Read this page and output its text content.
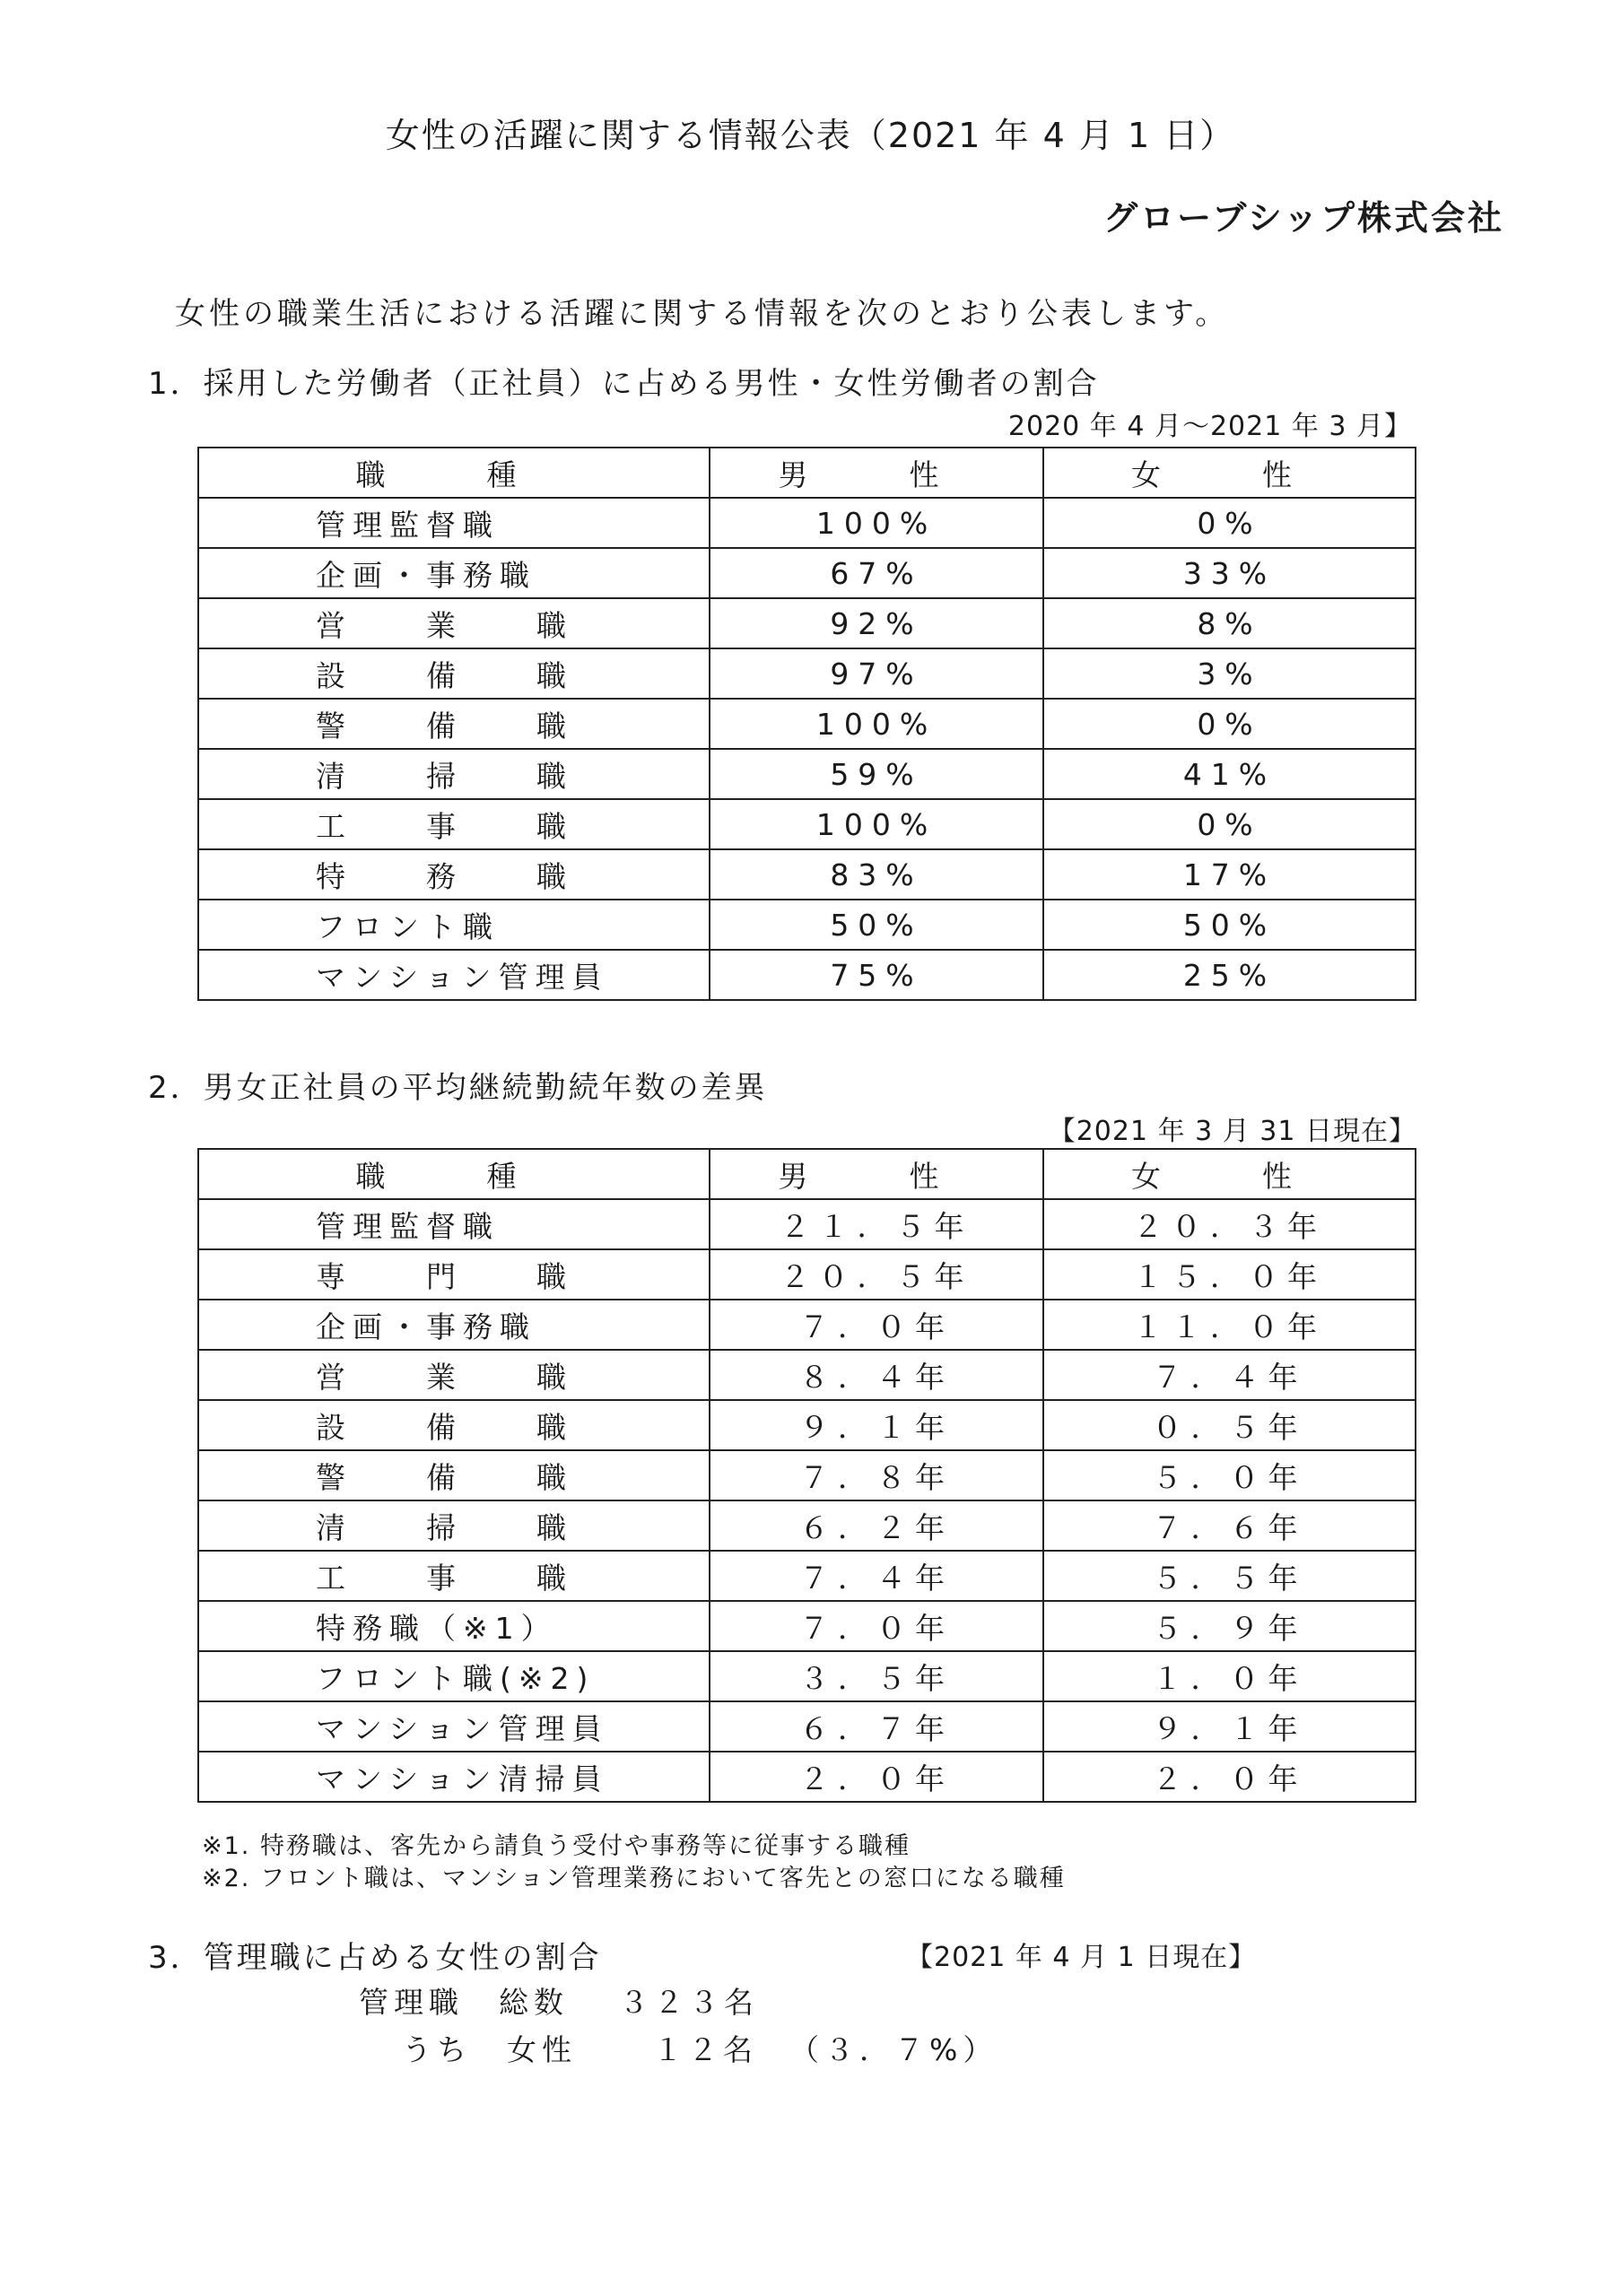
女性の活躍に関する情報公表（2021 年 4 月 1 日）
グローブシップ株式会社
女性の職業生活における活躍に関する情報を次のとおり公表します。
1．採用した労働者（正社員）に占める男性・女性労働者の割合
2020 年 4 月～2021 年 3 月】
職　種	男　性	女　性
管理監督職	100%	0%
企画・事務職	67%	33%
営　　業　　職	92%	8%
設　　備　　職	97%	3%
警　　備　　職	100%	0%
清　　掃　　職	59%	41%
工　　事　　職	100%	0%
特　　務　　職	83%	17%
フロント職	50%	50%
マンション管理員	75%	25%
2．男女正社員の平均継続勤続年数の差異
【2021 年 3 月 31 日現在】
職　種	男　性	女　性
管理監督職	２１．５年	２０．３年
専　　門　　職	２０．５年	１５．０年
企画・事務職	７．０年	１１．０年
営　　業　　職	８．４年	７．４年
設　　備　　職	９．１年	０．５年
警　　備　　職	７．８年	５．０年
清　　掃　　職	６．２年	７．６年
工　　事　　職	７．４年	５．５年
特務職（※1）	７．０年	５．９年
フロント職(※2)	３．５年	１．０年
マンション管理員	６．７年	９．１年
マンション清掃員	２．０年	２．０年
※1. 特務職は、客先から請負う受付や事務等に従事する職種
※2. フロント職は、マンション管理業務において客先との窓口になる職種
3．管理職に占める女性の割合	【2021 年 4 月 1 日現在】
管理職　総数 ３２３名
うち　女性	１２名 （３．７%）
